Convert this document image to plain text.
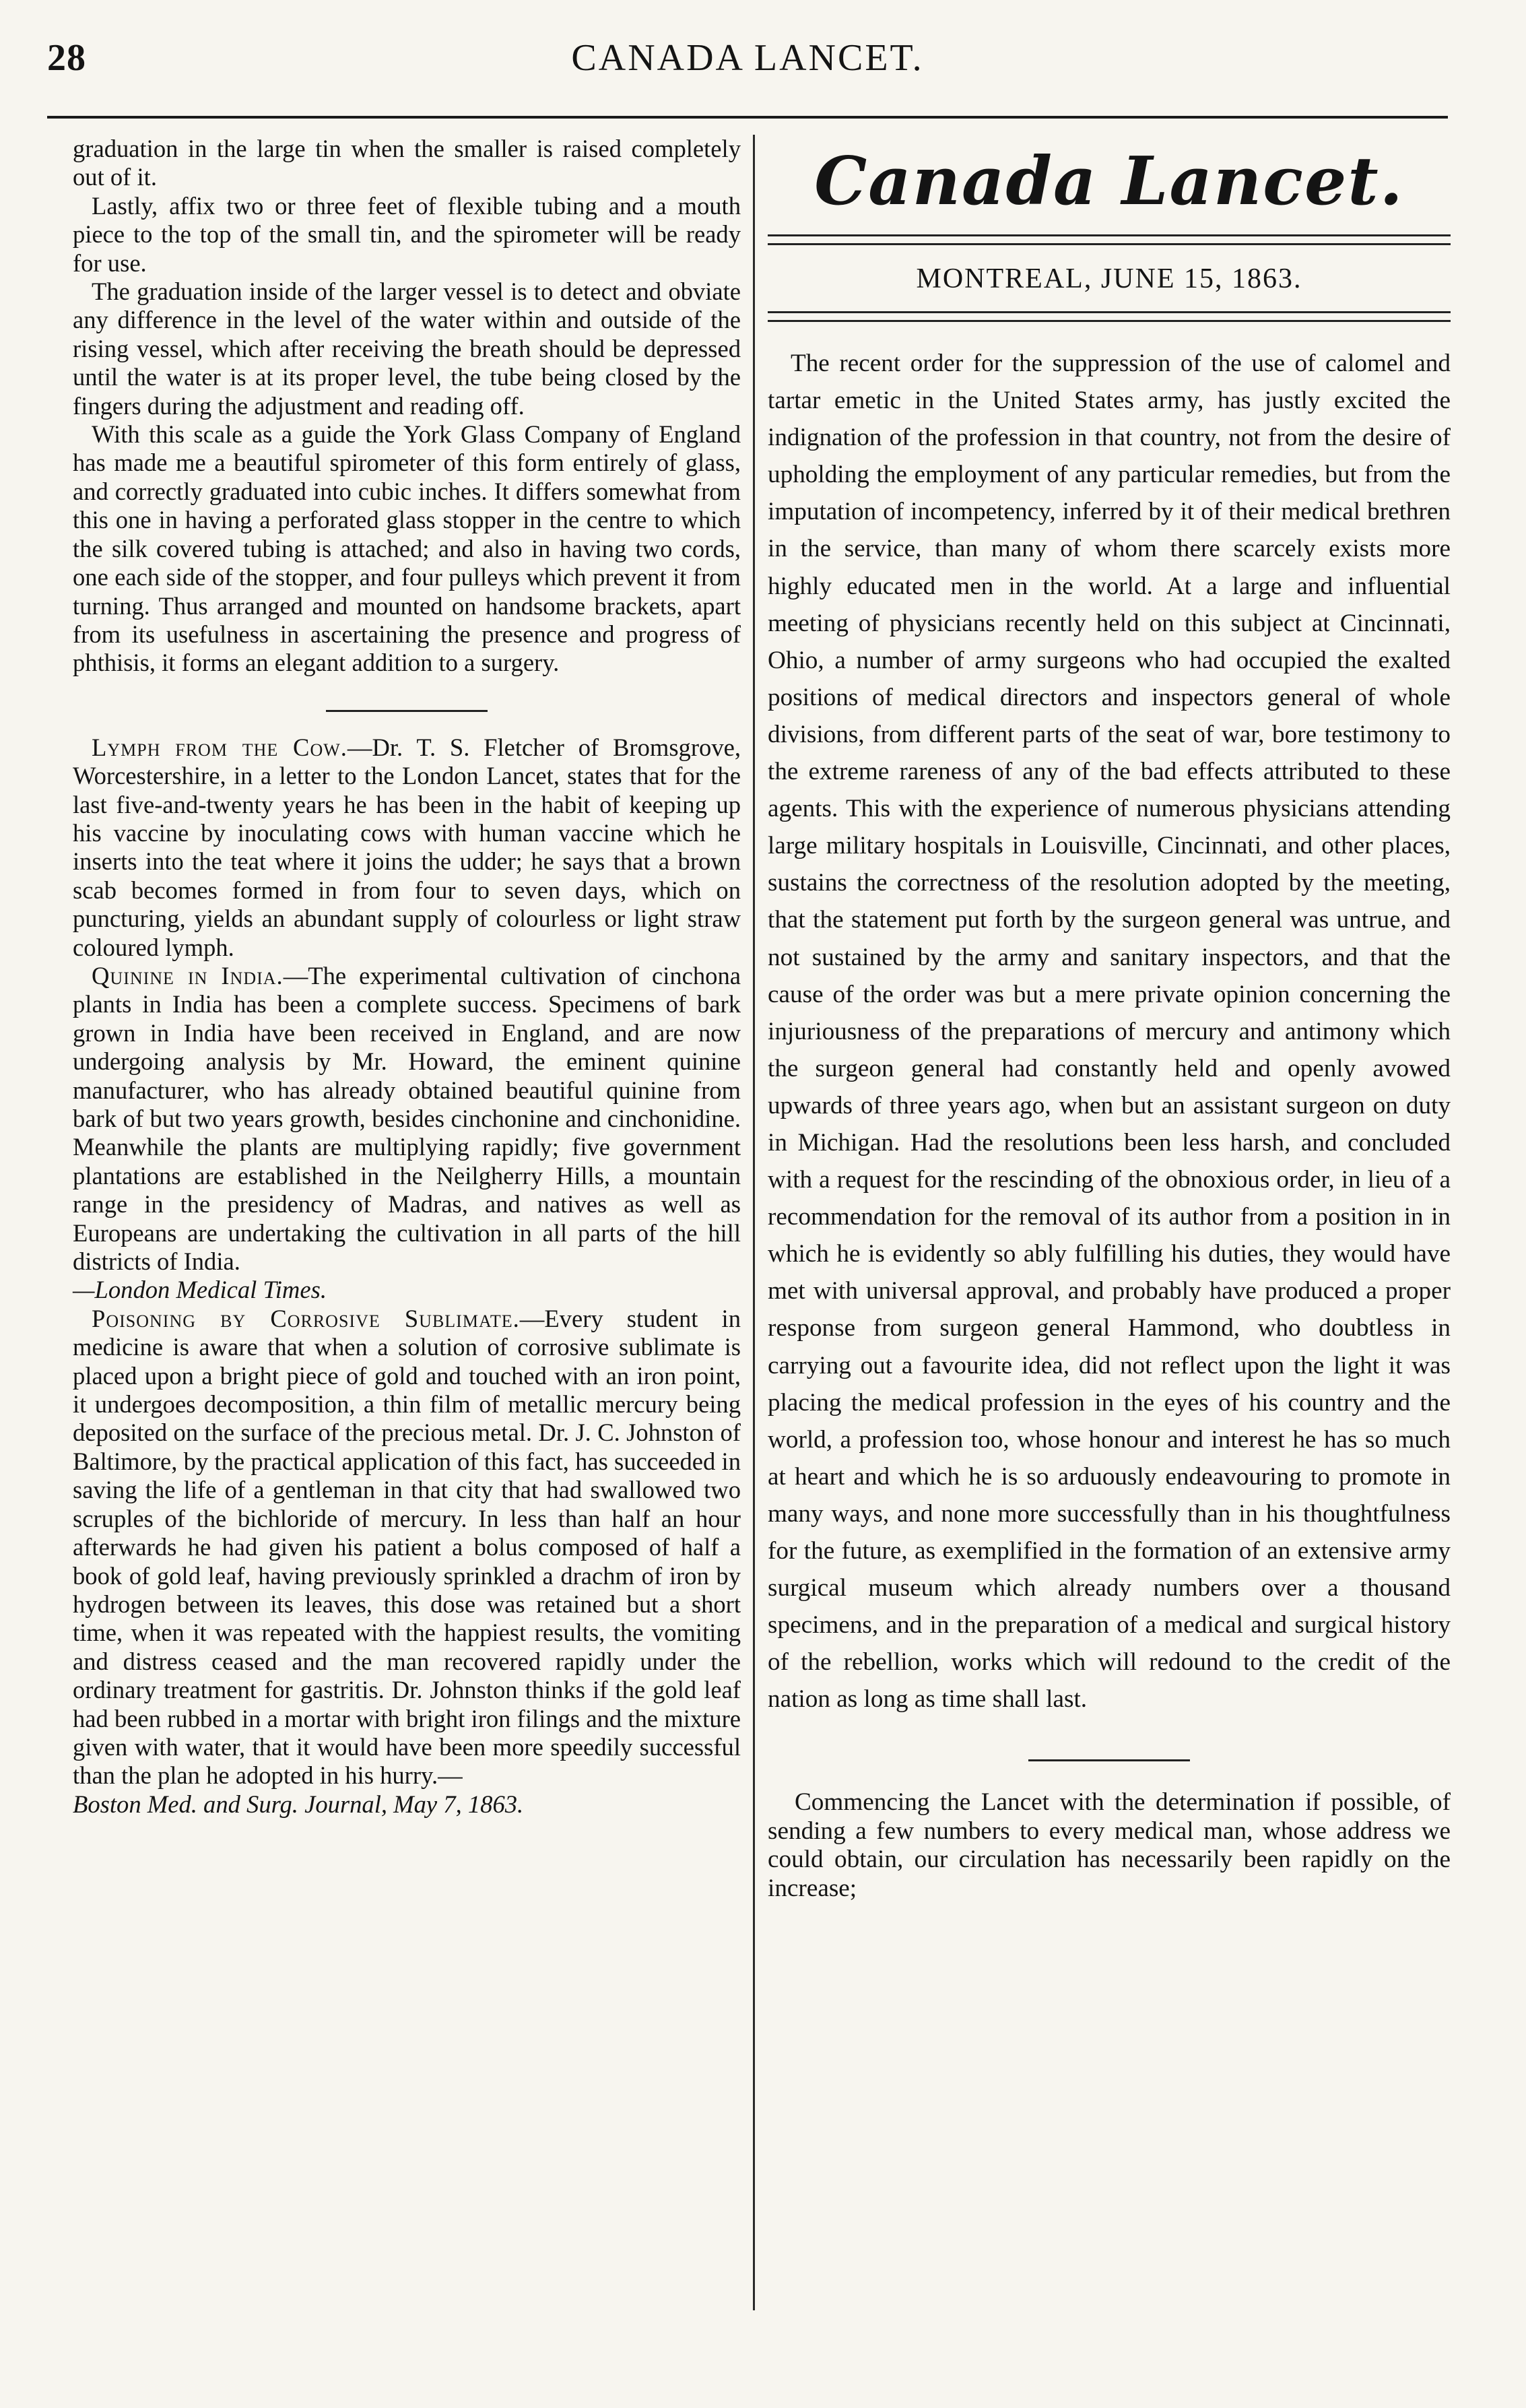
28	CANADA LANCET.

graduation in the large tin when the smaller is raised completely out of it.

Lastly, affix two or three feet of flexible tubing and a mouth piece to the top of the small tin, and the spirometer will be ready for use.

The graduation inside of the larger vessel is to detect and obviate any difference in the level of the water within and outside of the rising vessel, which after receiving the breath should be depressed until the water is at its proper level, the tube being closed by the fingers during the adjustment and reading off.

With this scale as a guide the York Glass Company of England has made me a beautiful spirometer of this form entirely of glass, and correctly graduated into cubic inches. It differs somewhat from this one in having a perforated glass stopper in the centre to which the silk covered tubing is attached; and also in having two cords, one each side of the stopper, and four pulleys which prevent it from turning. Thus arranged and mounted on handsome brackets, apart from its usefulness in ascertaining the presence and progress of phthisis, it forms an elegant addition to a surgery.

Lymph from the Cow.—Dr. T. S. Fletcher of Bromsgrove, Worcestershire, in a letter to the London Lancet, states that for the last five-and-twenty years he has been in the habit of keeping up his vaccine by inoculating cows with human vaccine which he inserts into the teat where it joins the udder; he says that a brown scab becomes formed in from four to seven days, which on puncturing, yields an abundant supply of colourless or light straw coloured lymph.

Quinine in India.—The experimental cultivation of cinchona plants in India has been a complete success. Specimens of bark grown in India have been received in England, and are now undergoing analysis by Mr. Howard, the eminent quinine manufacturer, who has already obtained beautiful quinine from bark of but two years growth, besides cinchonine and cinchonidine. Meanwhile the plants are multiplying rapidly; five government plantations are established in the Neilgherry Hills, a mountain range in the presidency of Madras, and natives as well as Europeans are undertaking the cultivation in all parts of the hill districts of India.
—London Medical Times.

Poisoning by Corrosive Sublimate.—Every student in medicine is aware that when a solution of corrosive sublimate is placed upon a bright piece of gold and touched with an iron point, it undergoes decomposition, a thin film of metallic mercury being deposited on the surface of the precious metal. Dr. J. C. Johnston of Baltimore, by the practical application of this fact, has succeeded in saving the life of a gentleman in that city that had swallowed two scruples of the bichloride of mercury. In less than half an hour afterwards he had given his patient a bolus composed of half a book of gold leaf, having previously sprinkled a drachm of iron by hydrogen between its leaves, this dose was retained but a short time, when it was repeated with the happiest results, the vomiting and distress ceased and the man recovered rapidly under the ordinary treatment for gastritis. Dr. Johnston thinks if the gold leaf had been rubbed in a mortar with bright iron filings and the mixture given with water, that it would have been more speedily successful than the plan he adopted in his hurry.—
Boston Med. and Surg. Journal, May 7, 1863.

Canada Lancet.
MONTREAL, JUNE 15, 1863.

The recent order for the suppression of the use of calomel and tartar emetic in the United States army, has justly excited the indignation of the profession in that country, not from the desire of upholding the employment of any particular remedies, but from the imputation of incompetency, inferred by it of their medical brethren in the service, than many of whom there scarcely exists more highly educated men in the world. At a large and influential meeting of physicians recently held on this subject at Cincinnati, Ohio, a number of army surgeons who had occupied the exalted positions of medical directors and inspectors general of whole divisions, from different parts of the seat of war, bore testimony to the extreme rareness of any of the bad effects attributed to these agents. This with the experience of numerous physicians attending large military hospitals in Louisville, Cincinnati, and other places, sustains the correctness of the resolution adopted by the meeting, that the statement put forth by the surgeon general was untrue, and not sustained by the army and sanitary inspectors, and that the cause of the order was but a mere private opinion concerning the injuriousness of the preparations of mercury and antimony which the surgeon general had constantly held and openly avowed upwards of three years ago, when but an assistant surgeon on duty in Michigan. Had the resolutions been less harsh, and concluded with a request for the rescinding of the obnoxious order, in lieu of a recommendation for the removal of its author from a position in in which he is evidently so ably fulfilling his duties, they would have met with universal approval, and probably have produced a proper response from surgeon general Hammond, who doubtless in carrying out a favourite idea, did not reflect upon the light it was placing the medical profession in the eyes of his country and the world, a profession too, whose honour and interest he has so much at heart and which he is so arduously endeavouring to promote in many ways, and none more successfully than in his thoughtfulness for the future, as exemplified in the formation of an extensive army surgical museum which already numbers over a thousand specimens, and in the preparation of a medical and surgical history of the rebellion, works which will redound to the credit of the nation as long as time shall last.

Commencing the Lancet with the determination if possible, of sending a few numbers to every medical man, whose address we could obtain, our circulation has necessarily been rapidly on the increase;
